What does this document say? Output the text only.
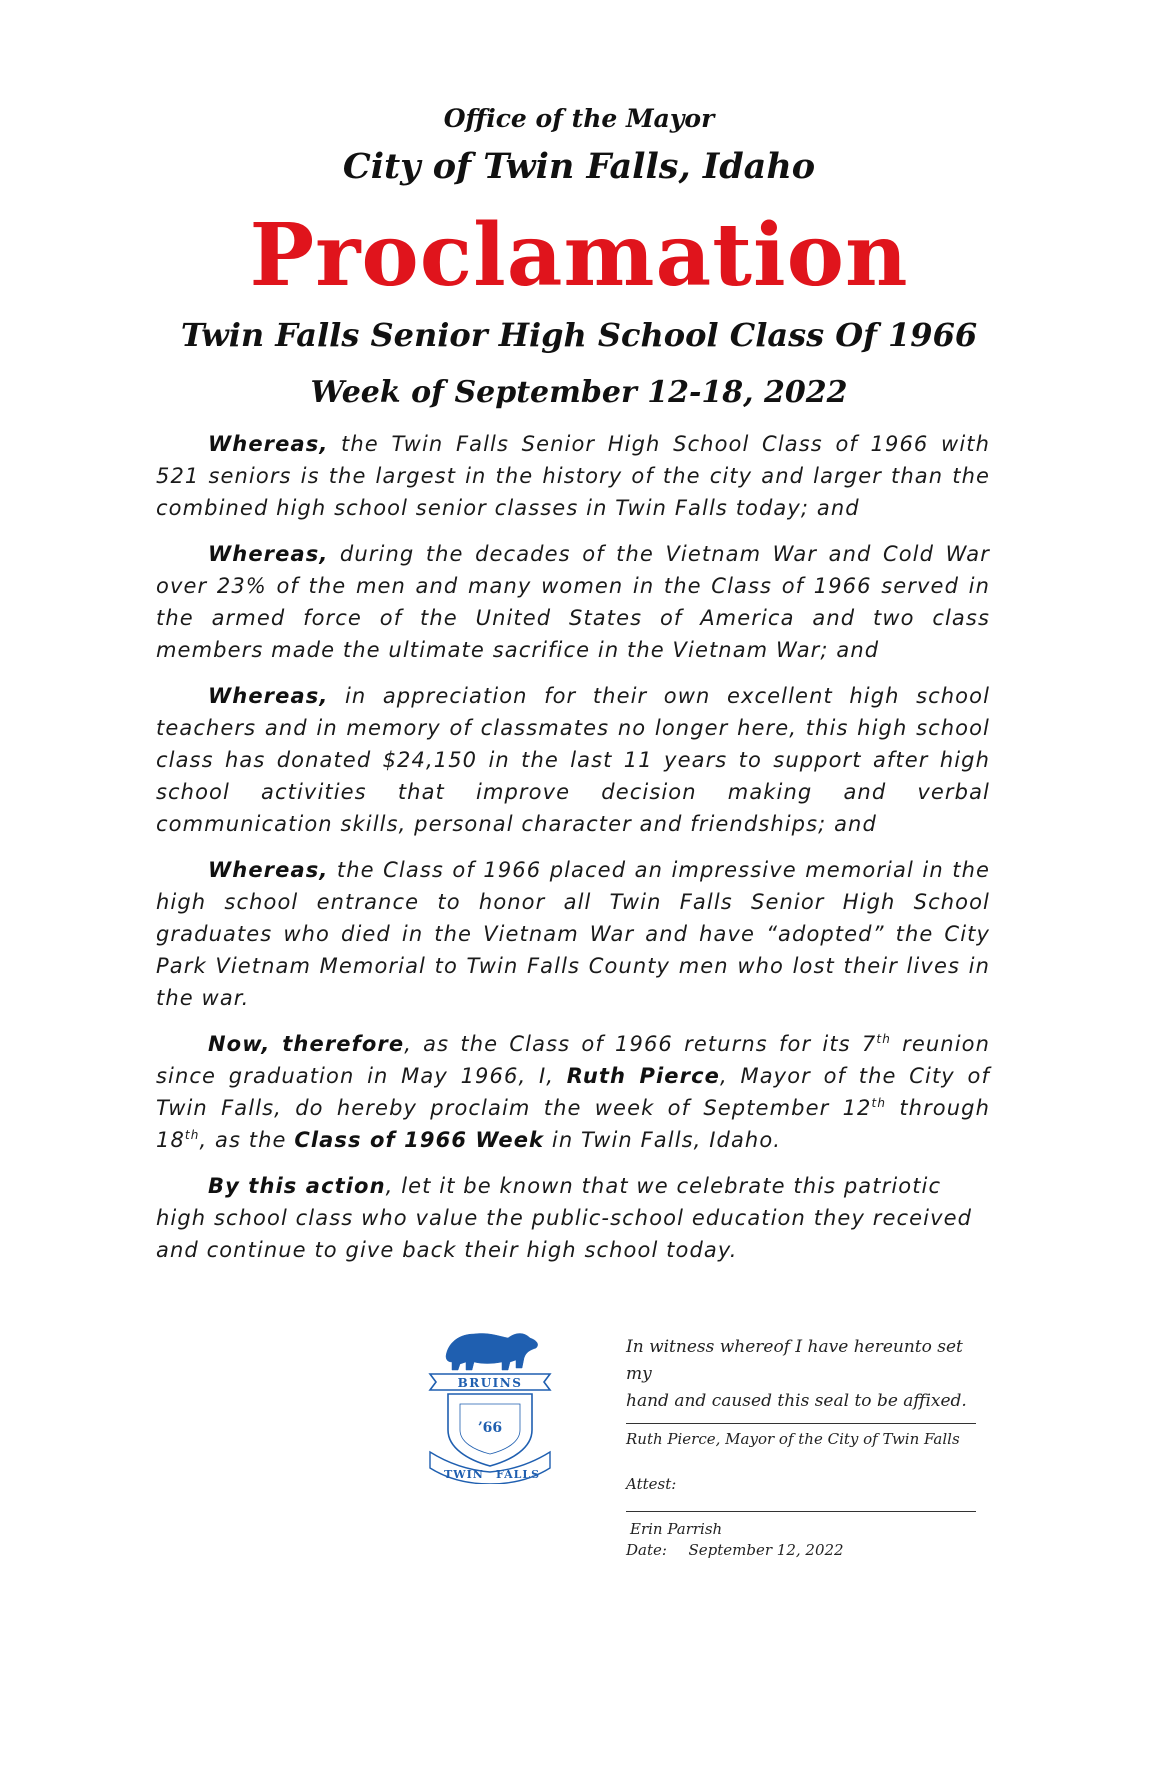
Office of the Mayor
City of Twin Falls, Idaho
Proclamation
Twin Falls Senior High School Class Of 1966
Week of September 12-18, 2022

Whereas, the Twin Falls Senior High School Class of 1966 with 521 seniors is the largest in the history of the city and larger than the combined high school senior classes in Twin Falls today; and

Whereas, during the decades of the Vietnam War and Cold War over 23% of the men and many women in the Class of 1966 served in the armed force of the United States of America and two class members made the ultimate sacrifice in the Vietnam War; and

Whereas, in appreciation for their own excellent high school teachers and in memory of classmates no longer here, this high school class has donated $24,150 in the last 11 years to support after high school activities that improve decision making and verbal communication skills, personal character and friendships; and

Whereas, the Class of 1966 placed an impressive memorial in the high school entrance to honor all Twin Falls Senior High School graduates who died in the Vietnam War and have “adopted” the City Park Vietnam Memorial to Twin Falls County men who lost their lives in the war.

Now, therefore, as the Class of 1966 returns for its 7th reunion since graduation in May 1966, I, Ruth Pierce, Mayor of the City of Twin Falls, do hereby proclaim the week of September 12th through 18th, as the Class of 1966 Week in Twin Falls, Idaho.

By this action, let it be known that we celebrate this patriotic high school class who value the public-school education they received and continue to give back their high school today.

BRUINS
’66
TWIN FALLS
In witness whereof I have hereunto set my
hand and caused this seal to be affixed.
Ruth Pierce, Mayor of the City of Twin Falls
Attest:
Erin Parrish
Date: September 12, 2022
